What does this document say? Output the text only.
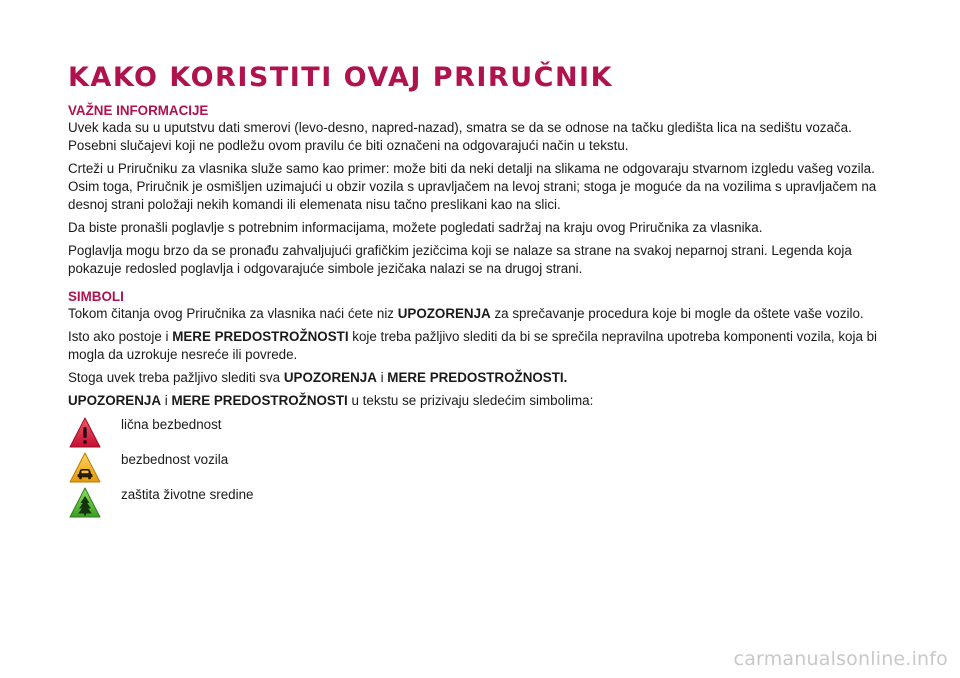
KAKO KORISTITI OVAJ PRIRUČNIK
VAŽNE INFORMACIJE

Uvek kada su u uputstvu dati smerovi (levo-desno, napred-nazad), smatra se da se odnose na tačku gledišta lica na sedištu vozača. Posebni slučajevi koji ne podležu ovom pravilu će biti označeni na odgovarajući način u tekstu.

Crteži u Priručniku za vlasnika služe samo kao primer: može biti da neki detalji na slikama ne odgovaraju stvarnom izgledu vašeg vozila. Osim toga, Priručnik je osmišljen uzimajući u obzir vozila s upravljačem na levoj strani; stoga je moguće da na vozilima s upravljačem na desnoj strani položaji nekih komandi ili elemenata nisu tačno preslikani kao na slici.

Da biste pronašli poglavlje s potrebnim informacijama, možete pogledati sadržaj na kraju ovog Priručnika za vlasnika.

Poglavlja mogu brzo da se pronađu zahvaljujući grafičkim jezičcima koji se nalaze sa strane na svakoj neparnoj strani. Legenda koja pokazuje redosled poglavlja i odgovarajuće simbole jezičaka nalazi se na drugoj strani.

SIMBOLI

Tokom čitanja ovog Priručnika za vlasnika naći ćete niz UPOZORENJA za sprečavanje procedura koje bi mogle da oštete vaše vozilo.

Isto ako postoje i MERE PREDOSTROŽNOSTI koje treba pažljivo slediti da bi se sprečila nepravilna upotreba komponenti vozila, koja bi mogla da uzrokuje nesreće ili povrede.

Stoga uvek treba pažljivo slediti sva UPOZORENJA i MERE PREDOSTROŽNOSTI.

UPOZORENJA i MERE PREDOSTROŽNOSTI u tekstu se prizivaju sledećim simbolima:

lična bezbednost
bezbednost vozila
zaštita životne sredine
carmanualsonline.info
